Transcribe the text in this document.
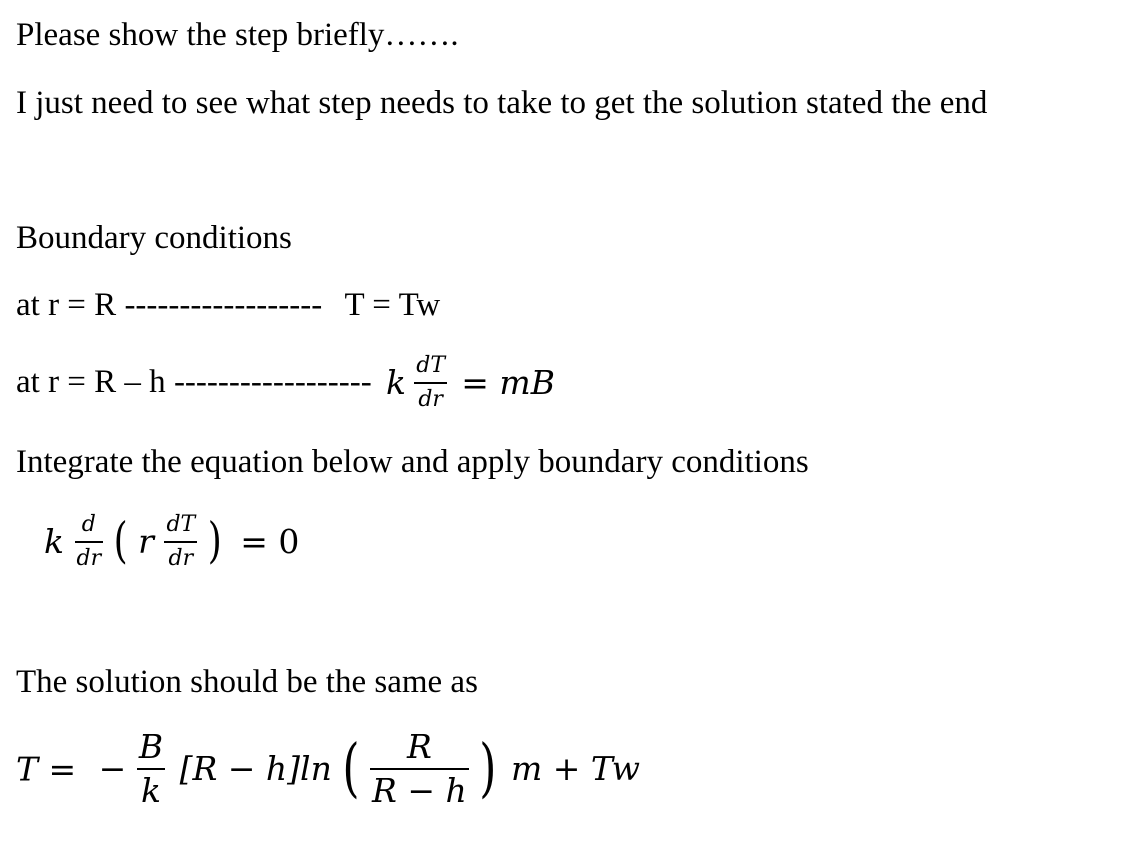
Please show the step briefly…….
I just need to see what step needs to take to get the solution stated the end
Boundary conditions
at r = R ------------------ T = Tw
at r = R – h ------------------ k $\frac{dT}{dr}$ = mB
Integrate the equation below and apply boundary conditions
k $\frac{d}{dr}$ ( r $\frac{dT}{dr}$ ) = 0
The solution should be the same as
T = − $\frac{B}{k} [R - h]\ln$ ( $\frac{R}{R - h}$ ) m + Tw
